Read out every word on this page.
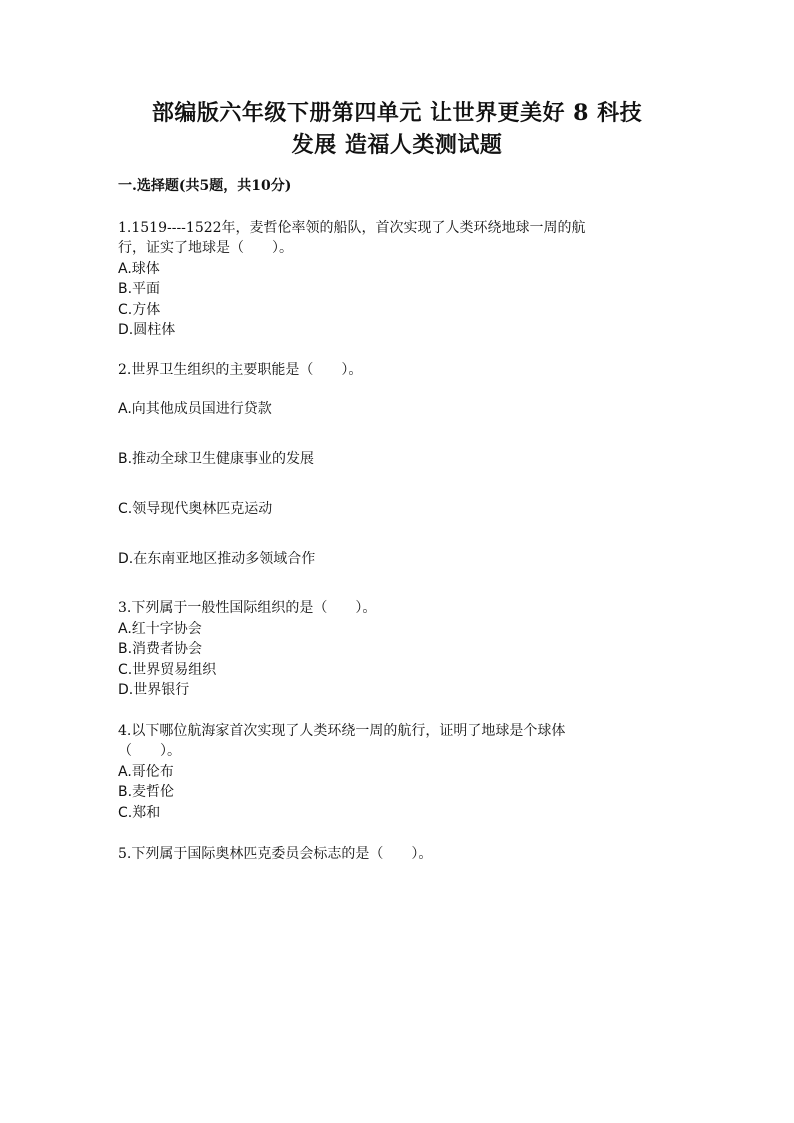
部编版六年级下册第四单元 让世界更美好 8 科技
发展 造福人类测试题
一.选择题(共5题，共10分)
1.1519----1522年，麦哲伦率领的船队，首次实现了人类环绕地球一周的航
行，证实了地球是（　　）。
A.球体
B.平面
C.方体
D.圆柱体
2.世界卫生组织的主要职能是（　　）。
A.向其他成员国进行贷款
B.推动全球卫生健康事业的发展
C.领导现代奥林匹克运动
D.在东南亚地区推动多领域合作
3.下列属于一般性国际组织的是（　　）。
A.红十字协会
B.消费者协会
C.世界贸易组织
D.世界银行
4.以下哪位航海家首次实现了人类环绕一周的航行，证明了地球是个球体
（　　）。
A.哥伦布
B.麦哲伦
C.郑和
5.下列属于国际奥林匹克委员会标志的是（　　）。
